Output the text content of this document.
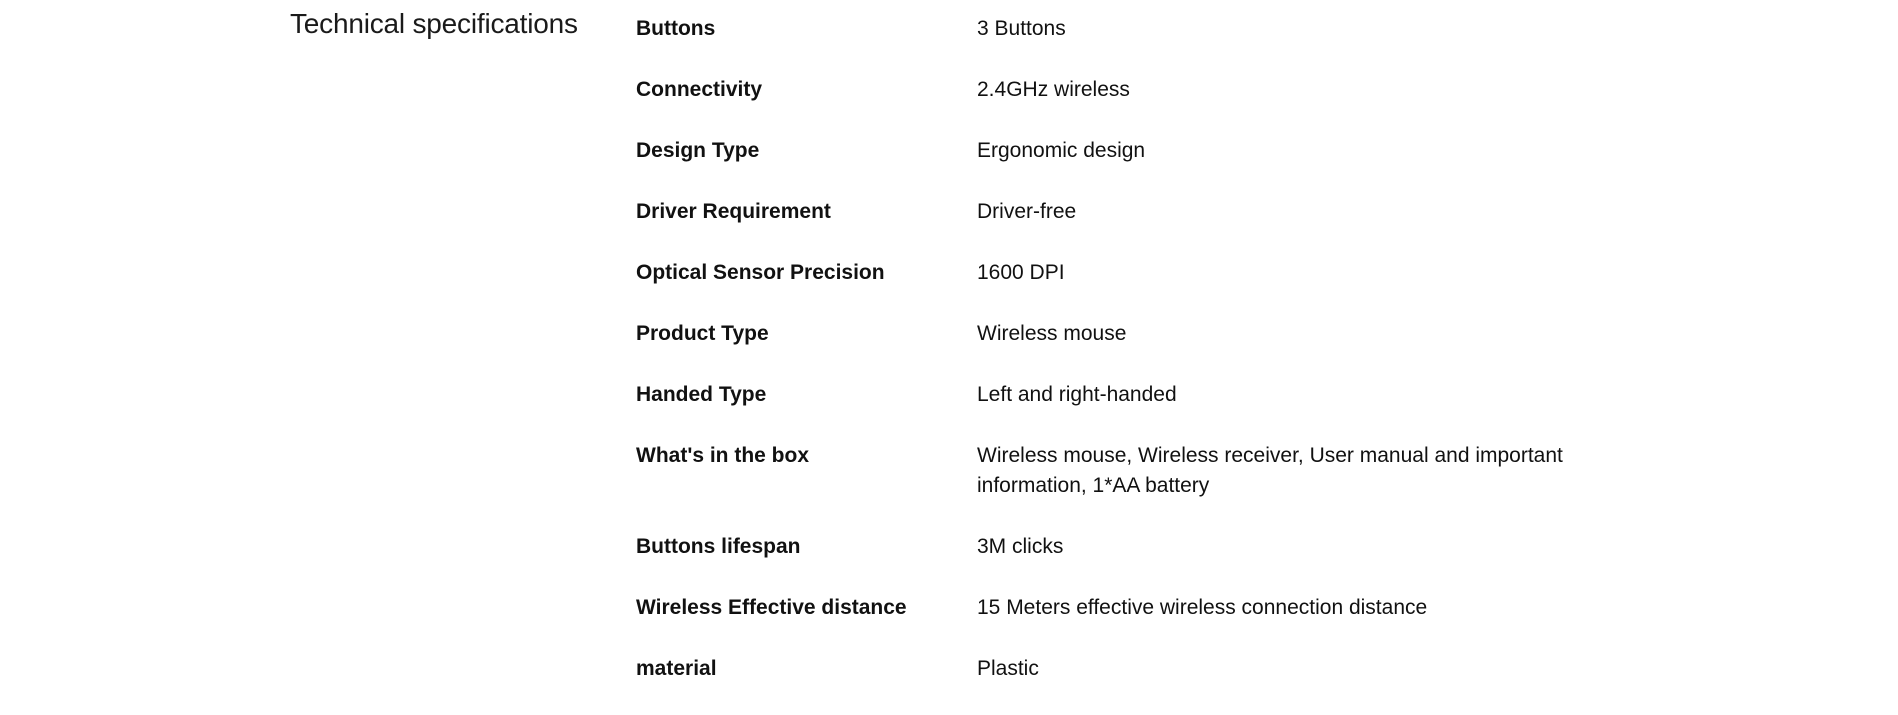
Technical specifications	Buttons	3 Buttons
Connectivity	2.4GHz wireless
Design Type	Ergonomic design
Driver Requirement	Driver-free
Optical Sensor Precision	1600 DPI
Product Type	Wireless mouse
Handed Type	Left and right-handed
What's in the box	Wireless mouse, Wireless receiver, User manual and important information, 1*AA battery
Buttons lifespan	3M clicks
Wireless Effective distance	15 Meters effective wireless connection distance
material	Plastic
